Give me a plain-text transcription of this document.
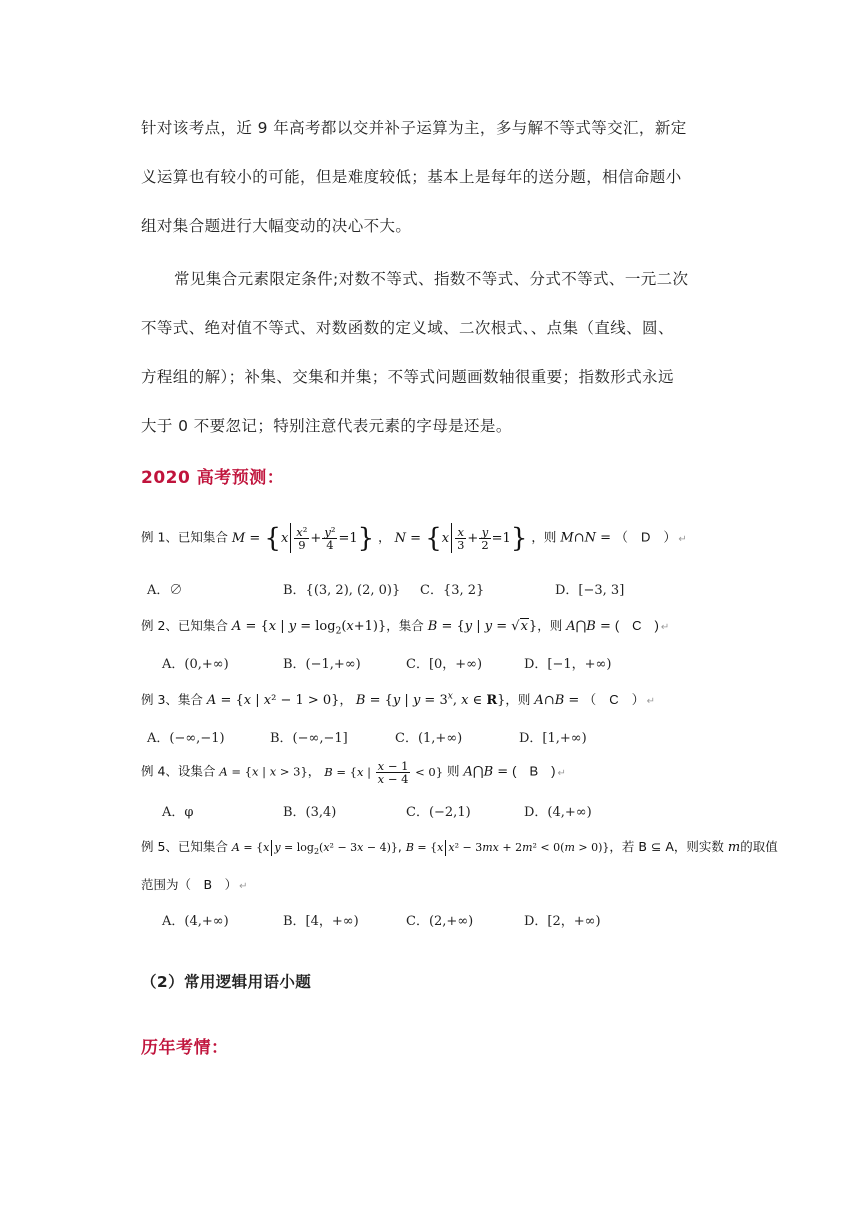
针对该考点，近 9 年高考都以交并补子运算为主，多与解不等式等交汇，新定
义运算也有较小的可能，但是难度较低；基本上是每年的送分题，相信命题小
组对集合题进行大幅变动的决心不大。
常见集合元素限定条件;对数不等式、指数不等式、分式不等式、一元二次
不等式、绝对值不等式、对数函数的定义域、二次根式、、点集（直线、圆、
方程组的解）；补集、交集和并集；不等式问题画数轴很重要；指数形式永远
大于 0 不要忽记；特别注意代表元素的字母是还是。
2020 高考预测：
例 1、已知集合 $M = \{x \frac{\text{x²}}{9} + \frac{\text{y²}}{4} =1\}$ ， $N = \{x \frac{x}{3} + \frac{y}{2} =1\}$ ，则 M∩N = （　D　） ↵
A．∅	B．{(3, 2), (2, 0)} C．{3, 2}	D．[−3, 3]
例 2、已知集合 A = {x | $y = \log_2(x+1)$}，集合 B = {y | y = √x}，则 A⋂B = (　C　) ↵
A．(0,+∞)	B．(−1,+∞)	C．[0，+∞)	D．[−1，+∞)
例 3、集合 A = {x | x² − 1 > 0}， B = {y | $y = 3^x$, x ∈ R}，则 A∩B = （　C　） ↵
A．(−∞,−1)	B．(−∞,−1]	C．(1,+∞)	D．[1,+∞)
例 4、设集合 A = {x | x > 3}， B = {x | $\frac{x - 1}{x - 4} < 0$} 则 A⋂B = (　B　) ↵
A．φ	B．(3,4)	C．(−2,1)	D．(4,+∞)
例 5、已知集合 A = {x $y = \log_2(x^2 - 3x - 4)$}, B = {x x² − 3mx + 2m² < 0(m > 0)}，若 B ⊆ A，则实数 m的取值
范围为（　B　） ↵
A．(4,+∞)	B．[4，+∞)	C．(2,+∞)	D．[2，+∞)
（2）常用逻辑用语小题
历年考情：
